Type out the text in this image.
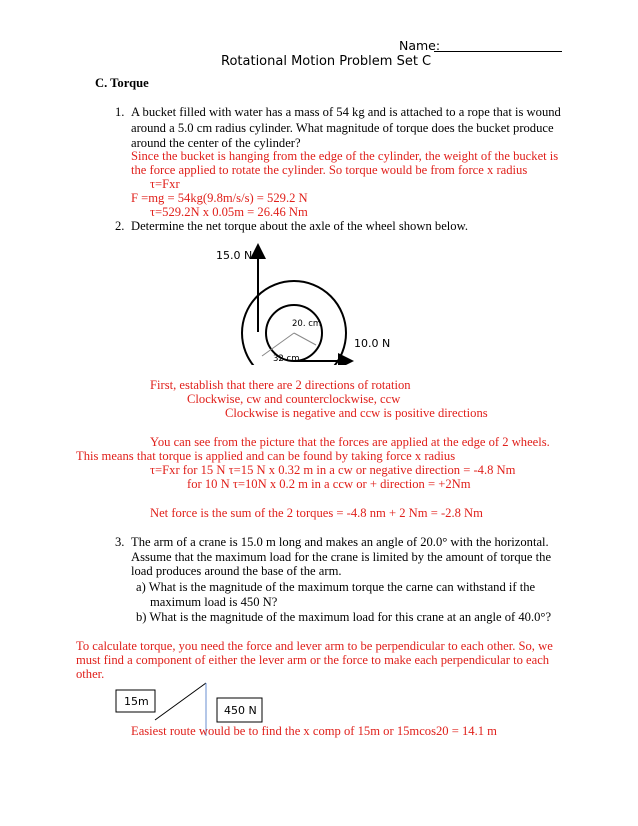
Name:
Rotational Motion Problem Set C
C. Torque
1. A bucket filled with water has a mass of 54 kg and is attached to a rope that is wound
around a 5.0 cm radius cylinder. What magnitude of torque does the bucket produce
around the center of the cylinder?
Since the bucket is hanging from the edge of the cylinder, the weight of the bucket is
the force applied to rotate the cylinder. So torque would be from force x radius
τ=Fxr
F =mg = 54kg(9.8m/s/s) = 529.2 N
τ=529.2N x 0.05m = 26.46 Nm
2. Determine the net torque about the axle of the wheel shown below.
15.0 N
10.0 N
20. cm
32 cm
First, establish that there are 2 directions of rotation
Clockwise, cw and counterclockwise, ccw
Clockwise is negative and ccw is positive directions
You can see from the picture that the forces are applied at the edge of 2 wheels.
This means that torque is applied and can be found by taking force x radius
τ=Fxr for 15 N τ=15 N x 0.32 m in a cw or negative direction = -4.8 Nm
for 10 N τ=10N x 0.2 m in a ccw or + direction = +2Nm
Net force is the sum of the 2 torques = -4.8 nm + 2 Nm = -2.8 Nm
3. The arm of a crane is 15.0 m long and makes an angle of 20.0° with the horizontal.
Assume that the maximum load for the crane is limited by the amount of torque the
load produces around the base of the arm.
a) What is the magnitude of the maximum torque the carne can withstand if the
maximum load is 450 N?
b) What is the magnitude of the maximum load for this crane at an angle of 40.0°?
To calculate torque, you need the force and lever arm to be perpendicular to each other. So, we
must find a component of either the lever arm or the force to make each perpendicular to each
other.
15m
450 N
Easiest route would be to find the x comp of 15m or 15mcos20 = 14.1 m
